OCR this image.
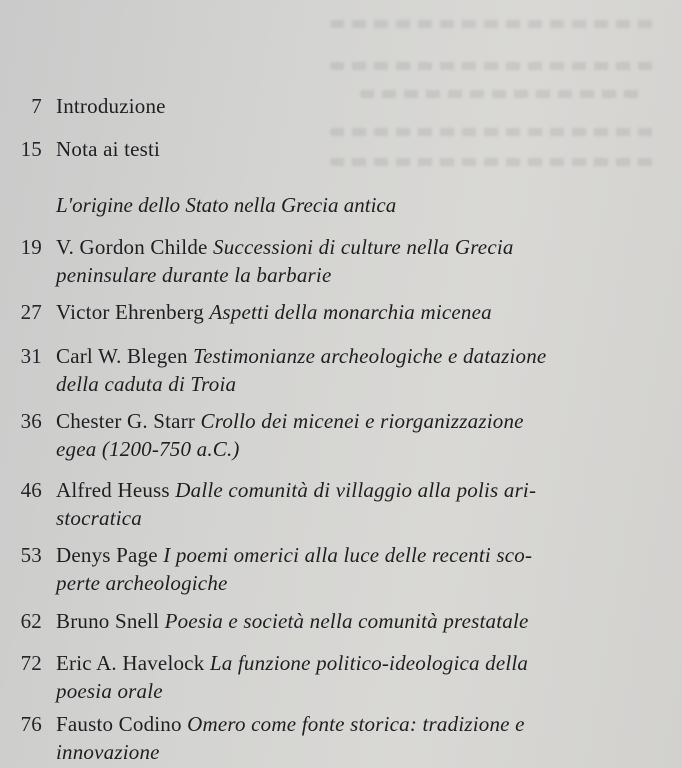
7 Introduzione
15 Nota ai testi
L'origine dello Stato nella Grecia antica
19 V. Gordon Childe Successioni di culture nella Grecia
peninsulare durante la barbarie
27 Victor Ehrenberg Aspetti della monarchia micenea
31 Carl W. Blegen Testimonianze archeologiche e datazione
della caduta di Troia
36 Chester G. Starr Crollo dei micenei e riorganizzazione
egea (1200-750 a.C.)
46 Alfred Heuss Dalle comunità di villaggio alla polis ari-
stocratica
53 Denys Page I poemi omerici alla luce delle recenti sco-
perte archeologiche
62 Bruno Snell Poesia e società nella comunità prestatale
72 Eric A. Havelock La funzione politico-ideologica della
poesia orale
76 Fausto Codino Omero come fonte storica: tradizione e
innovazione
